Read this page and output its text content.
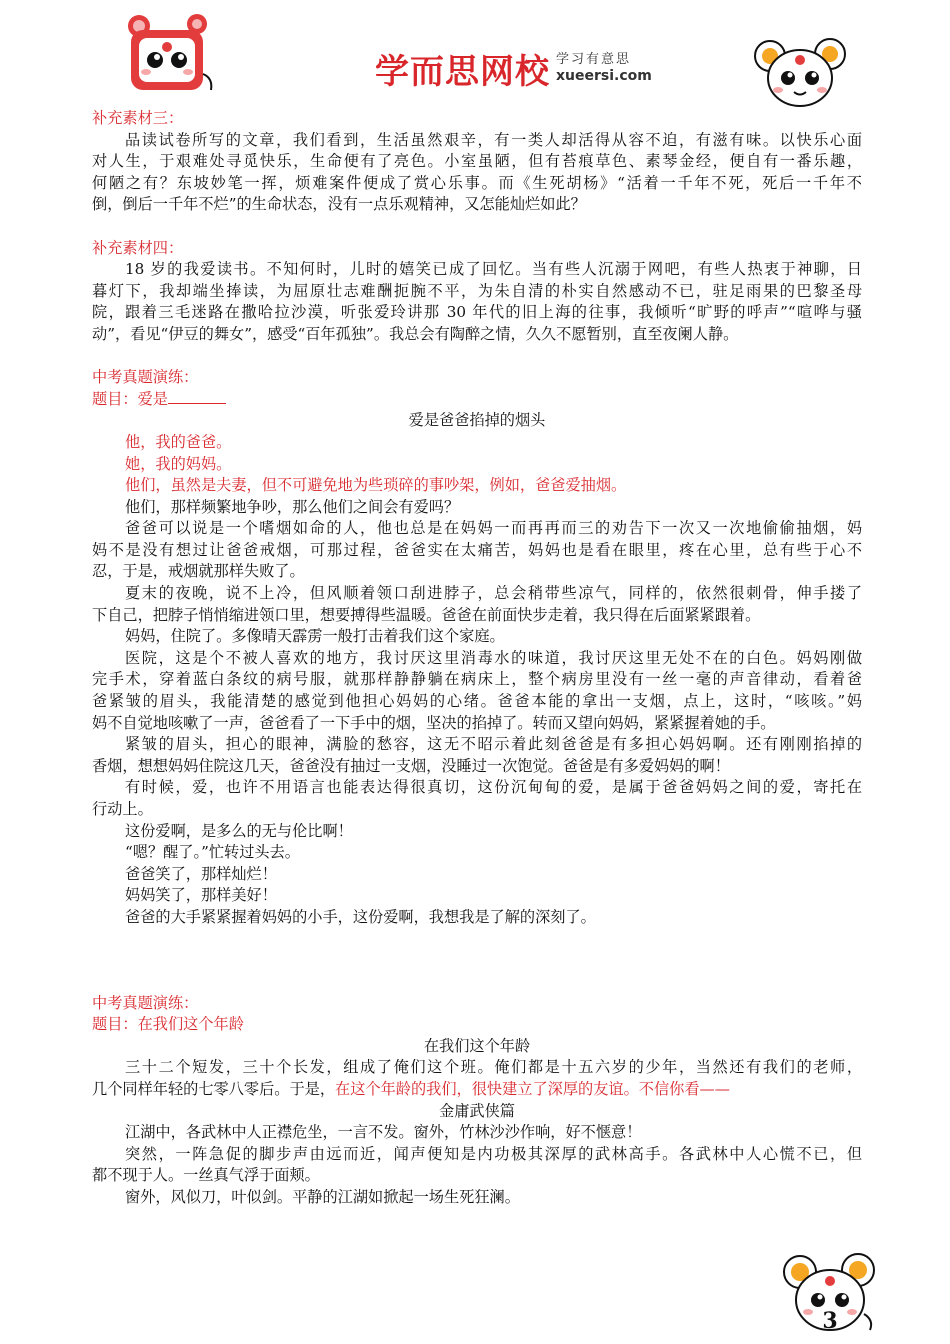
学而思网校 学习有意思
xueersi.com
补充素材三：
品读试卷所写的文章，我们看到，生活虽然艰辛，有一类人却活得从容不迫，有滋有味。以快乐心面
对人生，于艰难处寻觅快乐，生命便有了亮色。小室虽陋，但有苔痕草色、素琴金经，便自有一番乐趣，
何陋之有？东坡妙笔一挥，烦难案件便成了赏心乐事。而《生死胡杨》“活着一千年不死，死后一千年不
倒，倒后一千年不烂”的生命状态，没有一点乐观精神，又怎能灿烂如此？
补充素材四：
18 岁的我爱读书。不知何时，儿时的嬉笑已成了回忆。当有些人沉溺于网吧，有些人热衷于神聊，日
暮灯下，我却端坐捧读，为屈原壮志难酬扼腕不平，为朱自清的朴实自然感动不已，驻足雨果的巴黎圣母
院，跟着三毛迷路在撒哈拉沙漠，听张爱玲讲那 30 年代的旧上海的往事，我倾听“旷野的呼声”“喧哗与骚
动”，看见“伊豆的舞女”，感受“百年孤独”。我总会有陶醉之情，久久不愿暂别，直至夜阑人静。
中考真题演练：
题目：爱是
爱是爸爸掐掉的烟头
他，我的爸爸。
她，我的妈妈。
他们，虽然是夫妻，但不可避免地为些琐碎的事吵架，例如，爸爸爱抽烟。
他们，那样频繁地争吵，那么他们之间会有爱吗？
爸爸可以说是一个嗜烟如命的人，他也总是在妈妈一而再再而三的劝告下一次又一次地偷偷抽烟，妈
妈不是没有想过让爸爸戒烟，可那过程，爸爸实在太痛苦，妈妈也是看在眼里，疼在心里，总有些于心不
忍，于是，戒烟就那样失败了。
夏末的夜晚，说不上冷，但风顺着领口刮进脖子，总会稍带些凉气，同样的，依然很刺骨，伸手搂了
下自己，把脖子悄悄缩进领口里，想要搏得些温暖。爸爸在前面快步走着，我只得在后面紧紧跟着。
妈妈，住院了。多像晴天霹雳一般打击着我们这个家庭。
医院，这是个不被人喜欢的地方，我讨厌这里消毒水的味道，我讨厌这里无处不在的白色。妈妈刚做
完手术，穿着蓝白条纹的病号服，就那样静静躺在病床上，整个病房里没有一丝一毫的声音律动，看着爸
爸紧皱的眉头，我能清楚的感觉到他担心妈妈的心绪。爸爸本能的拿出一支烟，点上，这时，“咳咳。”妈
妈不自觉地咳嗽了一声，爸爸看了一下手中的烟，坚决的掐掉了。转而又望向妈妈，紧紧握着她的手。
紧皱的眉头，担心的眼神，满脸的愁容，这无不昭示着此刻爸爸是有多担心妈妈啊。还有刚刚掐掉的
香烟，想想妈妈住院这几天，爸爸没有抽过一支烟，没睡过一次饱觉。爸爸是有多爱妈妈的啊！
有时候，爱，也许不用语言也能表达得很真切，这份沉甸甸的爱，是属于爸爸妈妈之间的爱，寄托在
行动上。
这份爱啊，是多么的无与伦比啊！
“嗯？醒了。”忙转过头去。
爸爸笑了，那样灿烂！
妈妈笑了，那样美好！
爸爸的大手紧紧握着妈妈的小手，这份爱啊，我想我是了解的深刻了。
中考真题演练：
题目：在我们这个年龄
在我们这个年龄
三十二个短发，三十个长发，组成了俺们这个班。俺们都是十五六岁的少年，当然还有我们的老师，
几个同样年轻的七零八零后。于是，在这个年龄的我们，很快建立了深厚的友谊。不信你看——
金庸武侠篇
江湖中，各武林中人正襟危坐，一言不发。窗外，竹林沙沙作响，好不惬意！
突然，一阵急促的脚步声由远而近，闻声便知是内功极其深厚的武林高手。各武林中人心慌不已，但
都不现于人。一丝真气浮于面颊。
窗外，风似刀，叶似剑。平静的江湖如掀起一场生死狂澜。
3
